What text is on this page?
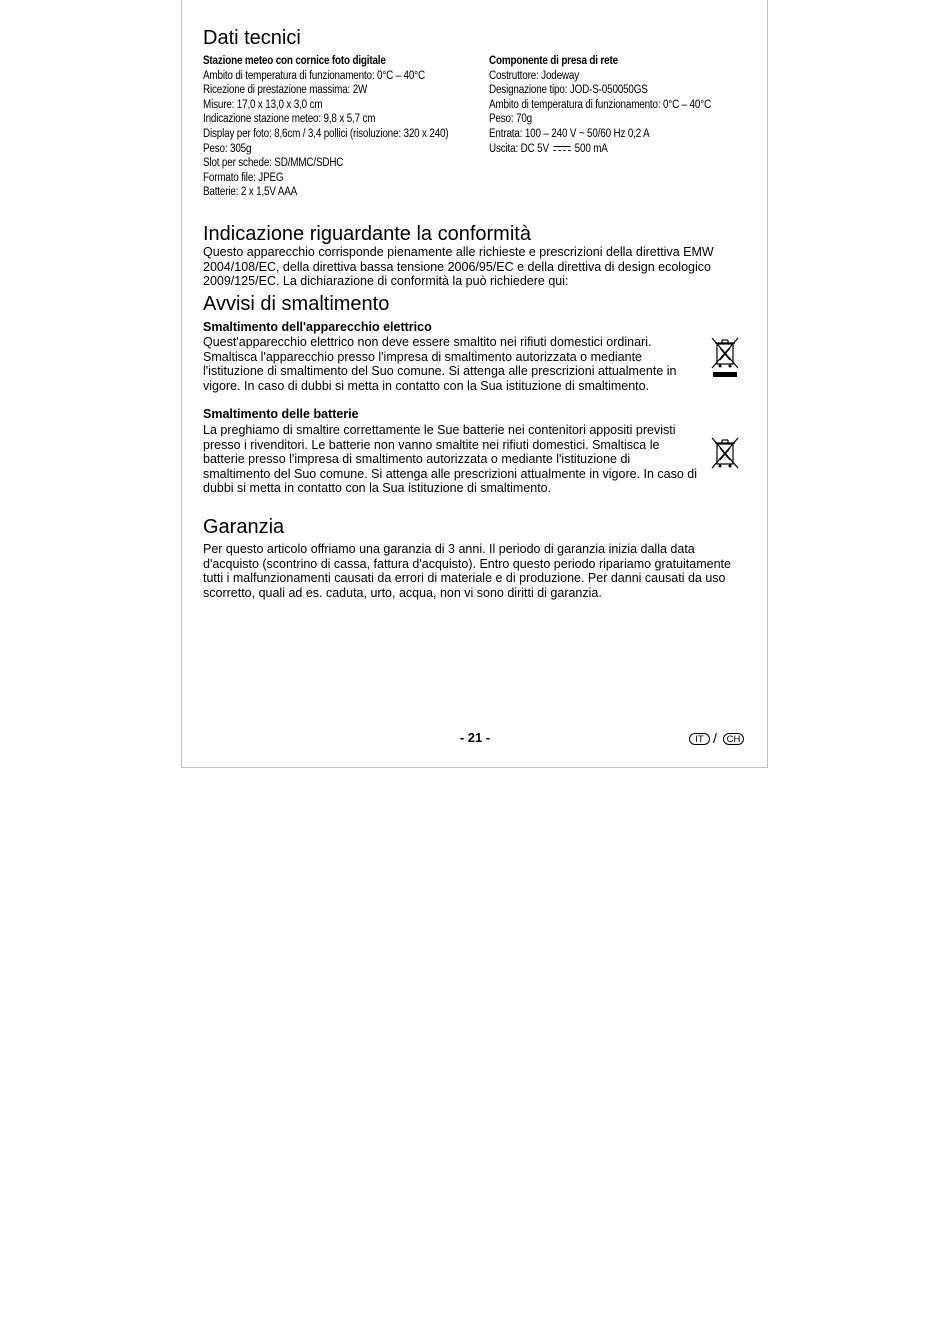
Dati tecnici
Stazione meteo con cornice foto digitale
Ambito di temperatura di funzionamento: 0°C – 40°C
Ricezione di prestazione massima: 2W
Misure: 17,0 x 13,0 x 3,0 cm
Indicazione stazione meteo: 9,8 x 5,7 cm
Display per foto: 8,6cm / 3,4 pollici (risoluzione: 320 x 240)
Peso: 305g
Slot per schede: SD/MMC/SDHC
Formato file: JPEG
Batterie: 2 x 1,5V AAA
Componente di presa di rete
Costruttore: Jodeway
Designazione tipo: JOD-S-050050GS
Ambito di temperatura di funzionamento: 0°C – 40°C
Peso: 70g
Entrata: 100 – 240 V ~ 50/60 Hz 0,2 A
Uscita: DC 5V 500 mA
Indicazione riguardante la conformità
Questo apparecchio corrisponde pienamente alle richieste e prescrizioni della direttiva EMW 2004/108/EC, della direttiva bassa tensione 2006/95/EC e della direttiva di design ecologico 2009/125/EC. La dichiarazione di conformità la può richiedere qui:
Avvisi di smaltimento
Smaltimento dell'apparecchio elettrico
Quest'apparecchio elettrico non deve essere smaltito nei rifiuti domestici ordinari. Smaltisca l'apparecchio presso l'impresa di smaltimento autorizzata o mediante l'istituzione di smaltimento del Suo comune. Si attenga alle prescrizioni attualmente in vigore. In caso di dubbi si metta in contatto con la Sua istituzione di smaltimento.
Smaltimento delle batterie
La preghiamo di smaltire correttamente le Sue batterie nei contenitori appositi previsti presso i rivenditori. Le batterie non vanno smaltite nei rifiuti domestici. Smaltisca le batterie presso l'impresa di smaltimento autorizzata o mediante l'istituzione di smaltimento del Suo comune. Si attenga alle prescrizioni attualmente in vigore. In caso di dubbi si metta in contatto con la Sua istituzione di smaltimento.
Garanzia
Per questo articolo offriamo una garanzia di 3 anni. Il periodo di garanzia inizia dalla data d'acquisto (scontrino di cassa, fattura d'acquisto). Entro questo periodo ripariamo gratuitamente tutti i malfunzionamenti causati da errori di materiale e di produzione. Per danni causati da uso scorretto, quali ad es. caduta, urto, acqua, non vi sono diritti di garanzia.
- 21 -	IT /	CH
